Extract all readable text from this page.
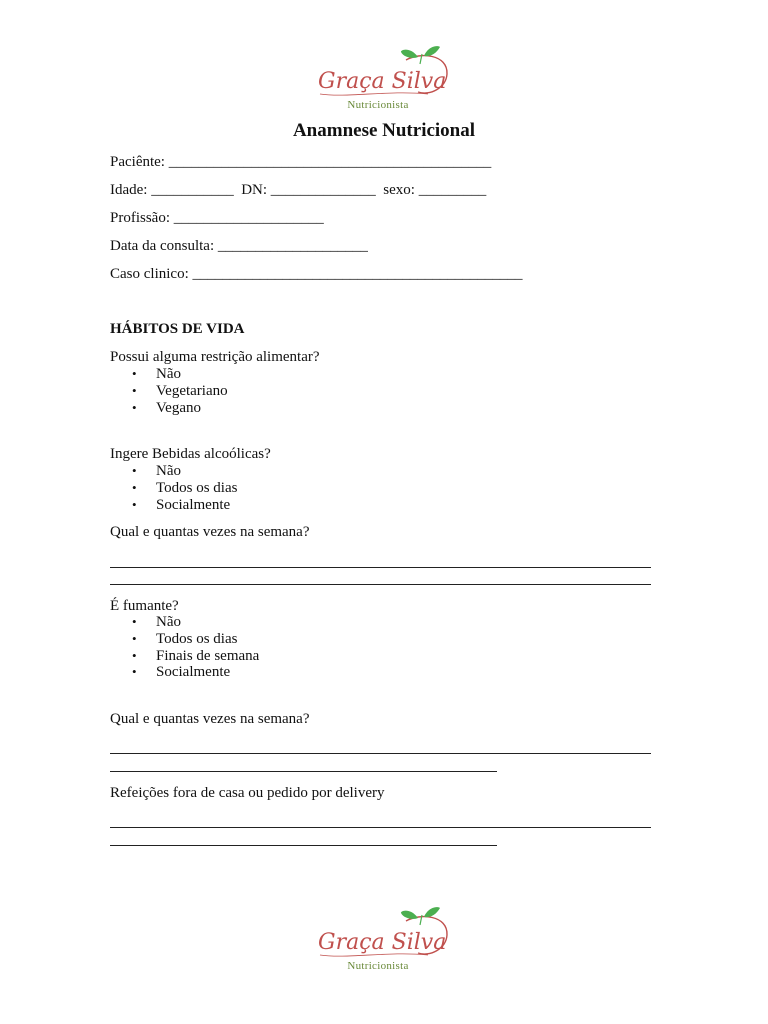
Graça Silva
Nutricionista
Anamnese Nutricional
Paciênte: ___________________________________________
Idade: ___________  DN: ______________  sexo: _________
Profissão: ____________________
Data da consulta: ____________________
Caso clinico: ____________________________________________
HÁBITOS DE VIDA
Possui alguma restrição alimentar?
• Não
• Vegetariano
• Vegano
Ingere Bebidas alcoólicas?
• Não
• Todos os dias
• Socialmente
Qual e quantas vezes na semana?
É fumante?
• Não
• Todos os dias
• Finais de semana
• Socialmente
Qual e quantas vezes na semana?
Refeições fora de casa ou pedido por delivery
Graça Silva
Nutricionista
